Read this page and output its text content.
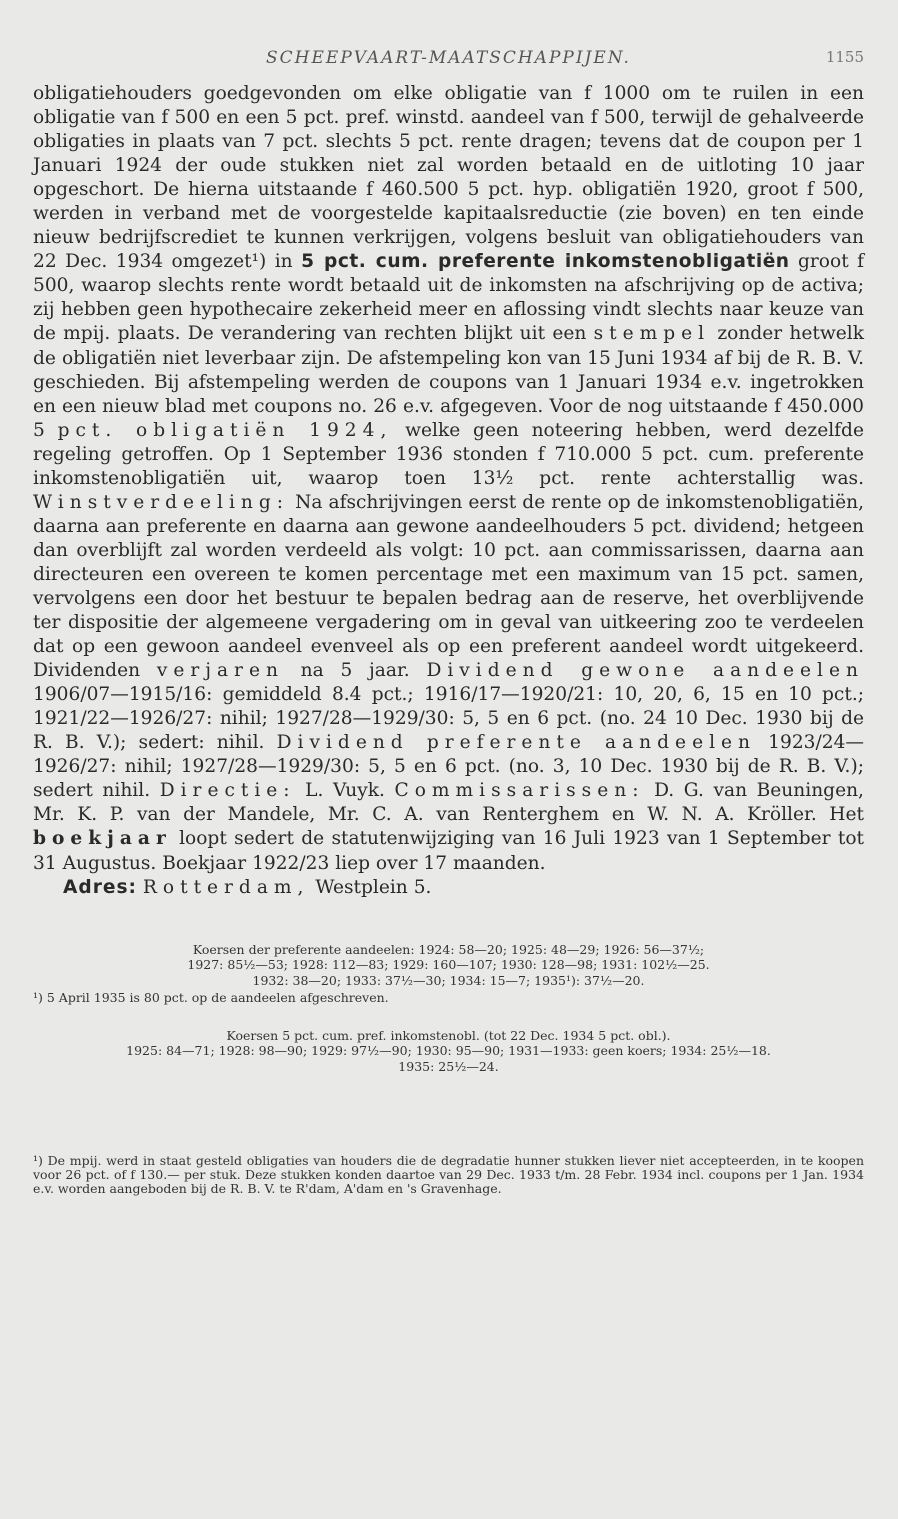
SCHEEPVAART-MAATSCHAPPIJEN.	1155

obligatiehouders goedgevonden om elke obligatie van f 1000 om te ruilen in een obligatie van f 500 en een 5 pct. pref. winstd. aandeel van f 500, terwijl de gehalveerde obligaties in plaats van 7 pct. slechts 5 pct. rente dragen; tevens dat de coupon per 1 Januari 1924 der oude stukken niet zal worden betaald en de uitloting 10 jaar opgeschort. De hierna uitstaande f 460.500 5 pct. hyp. obligatiën 1920, groot f 500, werden in verband met de voorgestelde kapitaalsreductie (zie boven) en ten einde nieuw bedrijfscrediet te kunnen verkrijgen, volgens besluit van obligatiehouders van 22 Dec. 1934 omgezet¹) in 5 pct. cum. preferente inkomstenobligatiën groot f 500, waarop slechts rente wordt betaald uit de inkomsten na afschrijving op de activa; zij hebben geen hypothecaire zekerheid meer en aflossing vindt slechts naar keuze van de mpij. plaats. De verandering van rechten blijkt uit een stempel zonder hetwelk de obligatiën niet leverbaar zijn. De afstempeling kon van 15 Juni 1934 af bij de R. B. V. geschieden. Bij afstempeling werden de coupons van 1 Januari 1934 e.v. ingetrokken en een nieuw blad met coupons no. 26 e.v. afgegeven. Voor de nog uitstaande f 450.000 5 pct. obligatiën 1924, welke geen noteering hebben, werd dezelfde regeling getroffen. Op 1 September 1936 stonden f 710.000 5 pct. cum. preferente inkomstenobligatiën uit, waarop toen 13½ pct. rente achterstallig was. Winstverdeeling: Na afschrijvingen eerst de rente op de inkomstenobligatiën, daarna aan preferente en daarna aan gewone aandeelhouders 5 pct. dividend; hetgeen dan overblijft zal worden verdeeld als volgt: 10 pct. aan commissarissen, daarna aan directeuren een overeen te komen percentage met een maximum van 15 pct. samen, vervolgens een door het bestuur te bepalen bedrag aan de reserve, het overblijvende ter dispositie der algemeene vergadering om in geval van uitkeering zoo te verdeelen dat op een gewoon aandeel evenveel als op een preferent aandeel wordt uitgekeerd. Dividenden verjaren na 5 jaar. Dividend gewone aandeelen 1906/07—1915/16: gemiddeld 8.4 pct.; 1916/17—1920/21: 10, 20, 6, 15 en 10 pct.; 1921/22—1926/27: nihil; 1927/28—1929/30: 5, 5 en 6 pct. (no. 24 10 Dec. 1930 bij de R. B. V.); sedert: nihil. Dividend preferente aandeelen 1923/24—1926/27: nihil; 1927/28—1929/30: 5, 5 en 6 pct. (no. 3, 10 Dec. 1930 bij de R. B. V.); sedert nihil. Directie: L. Vuyk. Commissarissen: D. G. van Beuningen, Mr. K. P. van der Mandele, Mr. C. A. van Renterghem en W. N. A. Kröller. Het boekjaar loopt sedert de statutenwijziging van 16 Juli 1923 van 1 September tot 31 Augustus. Boekjaar 1922/23 liep over 17 maanden.

Adres: Rotterdam, Westplein 5.

Koersen der preferente aandeelen: 1924: 58—20; 1925: 48—29; 1926: 56—37½;

1927: 85½—53; 1928: 112—83; 1929: 160—107; 1930: 128—98; 1931: 102½—25.

1932: 38—20; 1933: 37½—30; 1934: 15—7; 1935¹): 37½—20.

¹) 5 April 1935 is 80 pct. op de aandeelen afgeschreven.

Koersen 5 pct. cum. pref. inkomstenobl. (tot 22 Dec. 1934 5 pct. obl.).

1925: 84—71; 1928: 98—90; 1929: 97½—90; 1930: 95—90; 1931—1933: geen koers; 1934: 25½—18.

1935: 25½—24.

¹) De mpij. werd in staat gesteld obligaties van houders die de degradatie hunner stukken liever niet accepteerden, in te koopen voor 26 pct. of f 130.— per stuk. Deze stukken konden daartoe van 29 Dec. 1933 t/m. 28 Febr. 1934 incl. coupons per 1 Jan. 1934 e.v. worden aangeboden bij de R. B. V. te R'dam, A'dam en 's Gravenhage.
